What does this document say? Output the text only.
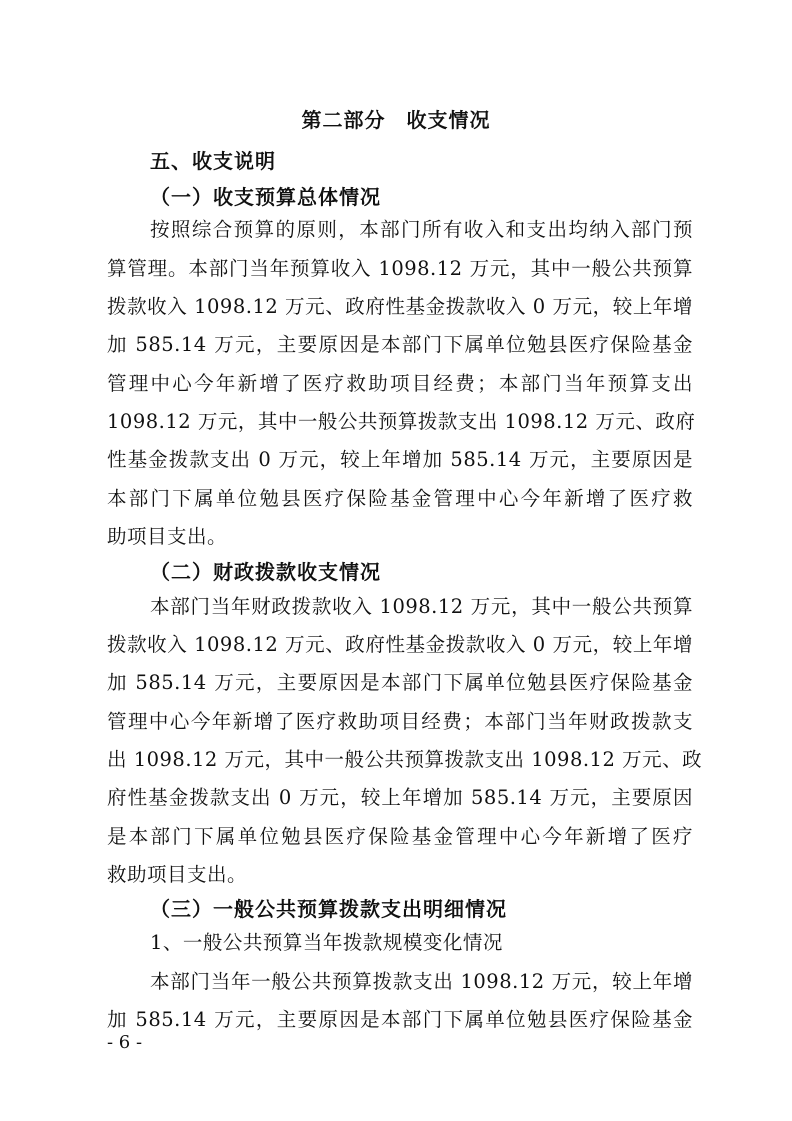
第二部分　收支情况
五、收支说明
（一）收支预算总体情况
按照综合预算的原则，本部门所有收入和支出均纳入部门预
算管理。本部门当年预算收入 1098.12 万元，其中一般公共预算
拨款收入 1098.12 万元、政府性基金拨款收入 0 万元，较上年增
加 585.14 万元，主要原因是本部门下属单位勉县医疗保险基金
管理中心今年新增了医疗救助项目经费；本部门当年预算支出
1098.12 万元，其中一般公共预算拨款支出 1098.12 万元、政府
性基金拨款支出 0 万元，较上年增加 585.14 万元，主要原因是
本部门下属单位勉县医疗保险基金管理中心今年新增了医疗救
助项目支出。
（二）财政拨款收支情况
本部门当年财政拨款收入 1098.12 万元，其中一般公共预算
拨款收入 1098.12 万元、政府性基金拨款收入 0 万元，较上年增
加 585.14 万元，主要原因是本部门下属单位勉县医疗保险基金
管理中心今年新增了医疗救助项目经费；本部门当年财政拨款支
出 1098.12 万元，其中一般公共预算拨款支出 1098.12 万元、政
府性基金拨款支出 0 万元，较上年增加 585.14 万元，主要原因
是本部门下属单位勉县医疗保险基金管理中心今年新增了医疗
救助项目支出。
（三）一般公共预算拨款支出明细情况
1、一般公共预算当年拨款规模变化情况
本部门当年一般公共预算拨款支出 1098.12 万元，较上年增
加 585.14 万元，主要原因是本部门下属单位勉县医疗保险基金
- 6 -
